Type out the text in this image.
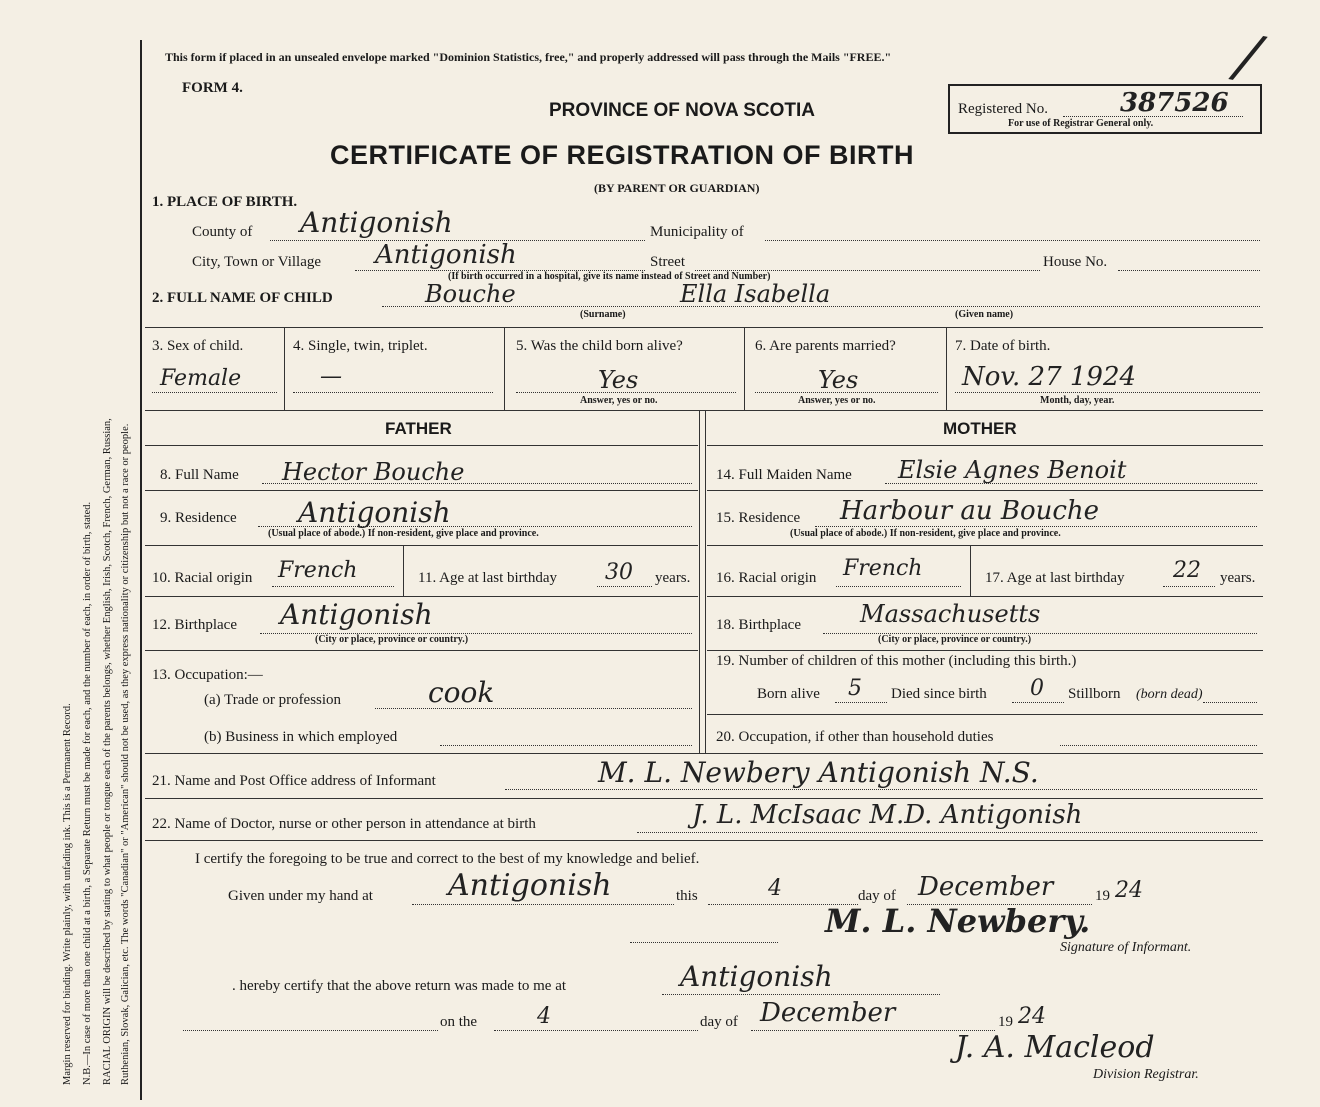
Margin reserved for binding. Write plainly, with unfading ink. This is a Permanent Record. N.B.—In case of more than one child at a birth, a Separate Return must be made for each, and the number of each, in order of birth, stated. RACIAL ORIGIN will be described by stating to what people or tongue each of the parents belongs, whether English, Irish, Scotch, French, German, Russian, Ruthenian, Slovak, Galician, etc. The words "Canadian" or "American" should not be used, as they express nationality or citizenship but not a race or people.
This form if placed in an unsealed envelope marked "Dominion Statistics, free," and properly addressed will pass through the Mails "FREE."
FORM 4.
PROVINCE OF NOVA SCOTIA
CERTIFICATE OF REGISTRATION OF BIRTH
(BY PARENT OR GUARDIAN)
Registered No.	387526
For use of Registrar General only.
/
1. PLACE OF BIRTH.
County of Antigonish	Municipality of
City, Town or Village Antigonish	Street	House No.
(If birth occurred in a hospital, give its name instead of Street and Number)
2. FULL NAME OF CHILD	Bouche	Ella Isabella
(Surname)	(Given name)
3. Sex of child.
Female
4. Single, twin, triplet.
—
5. Was the child born alive?
Yes
Answer, yes or no.
6. Are parents married?
Yes
Answer, yes or no.
7. Date of birth.
Nov. 27 1924
Month, day, year.
FATHER	MOTHER
8. Full Name Hector Bouche
9. Residence Antigonish
(Usual place of abode.) If non-resident, give place and province.
10. Racial origin French	11. Age at last birthday 30 years.
12. Birthplace Antigonish
(City or place, province or country.)
13. Occupation:—
(a) Trade or profession	cook
(b) Business in which employed
14. Full Maiden Name Elsie Agnes Benoit
15. Residence Harbour au Bouche
(Usual place of abode.) If non-resident, give place and province.
16. Racial origin French	17. Age at last birthday 22 years.
18. Birthplace Massachusetts
(City or place, province or country.)
19. Number of children of this mother (including this birth.)
Born alive 5 Died since birth 0 Stillborn (born dead)
20. Occupation, if other than household duties
21. Name and Post Office address of Informant	M. L. Newbery Antigonish N.S.
22. Name of Doctor, nurse or other person in attendance at birth	J. L. McIsaac M.D. Antigonish
I certify the foregoing to be true and correct to the best of my knowledge and belief.
Given under my hand at	Antigonish	this	4	day of December	19 24
M. L. Newbery.
Signature of Informant.
. hereby certify that the above return was made to me at	Antigonish
on the	4	day of December	19 24
J. A. Macleod
Division Registrar.
